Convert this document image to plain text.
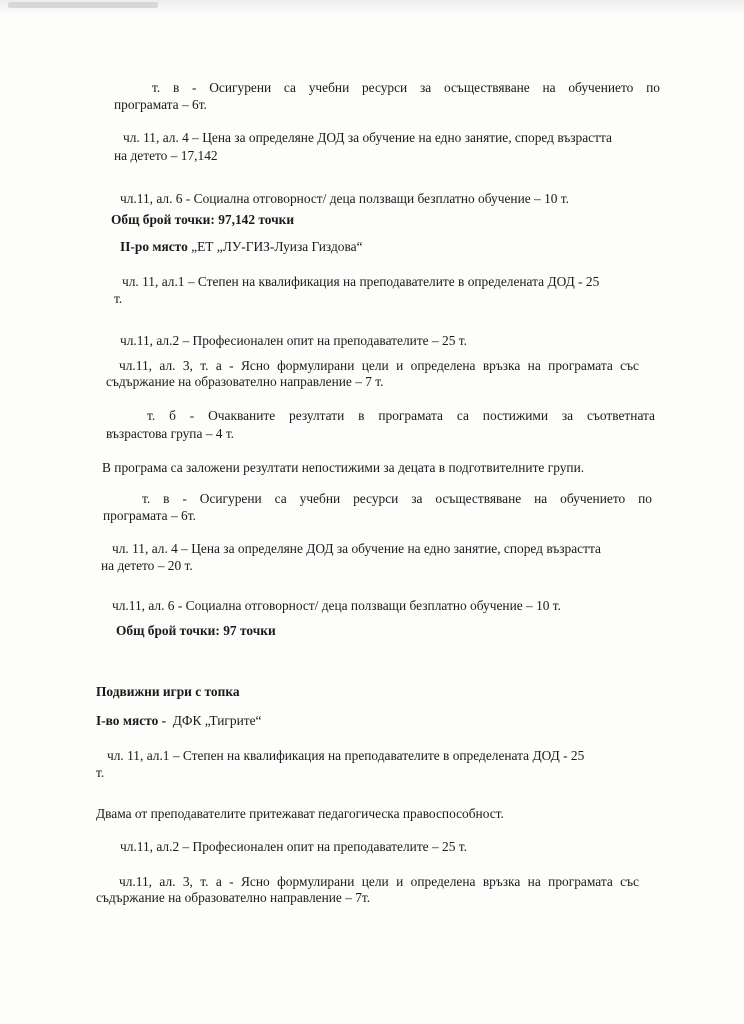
т. в - Осигурени са учебни ресурси за осъществяване на обучението по

програмата – 6т.

чл. 11, ал. 4 – Цена за определяне ДОД за обучение на едно занятие, според възрастта

на детето – 17,142

чл.11, ал. 6 - Социална отговорност/ деца ползващи безплатно обучение – 10 т.

Общ брой точки: 97,142 точки

II-ро място „ЕТ „ЛУ-ГИЗ-Луиза Гиздова“

чл. 11, ал.1 – Степен на квалификация на преподавателите в определената ДОД - 25

т.

чл.11, ал.2 – Професионален опит на преподавателите – 25 т.

чл.11, ал. 3, т. а - Ясно формулирани цели и определена връзка на програмата със

съдържание на образователно направление – 7 т.

т. б - Очакваните резултати в програмата са постижими за съответната

възрастова група – 4 т.

В програма са заложени резултати непостижими за децата в подготвителните групи.

т. в - Осигурени са учебни ресурси за осъществяване на обучението по

програмата – 6т.

чл. 11, ал. 4 – Цена за определяне ДОД за обучение на едно занятие, според възрастта

на детето – 20 т.

чл.11, ал. 6 - Социална отговорност/ деца ползващи безплатно обучение – 10 т.

Общ брой точки: 97 точки

Подвижни игри с топка

I-во място - ДФК „Тигрите“

чл. 11, ал.1 – Степен на квалификация на преподавателите в определената ДОД - 25

т.

Двама от преподавателите притежават педагогическа правоспособност.

чл.11, ал.2 – Професионален опит на преподавателите – 25 т.

чл.11, ал. 3, т. а - Ясно формулирани цели и определена връзка на програмата със

съдържание на образователно направление – 7т.
